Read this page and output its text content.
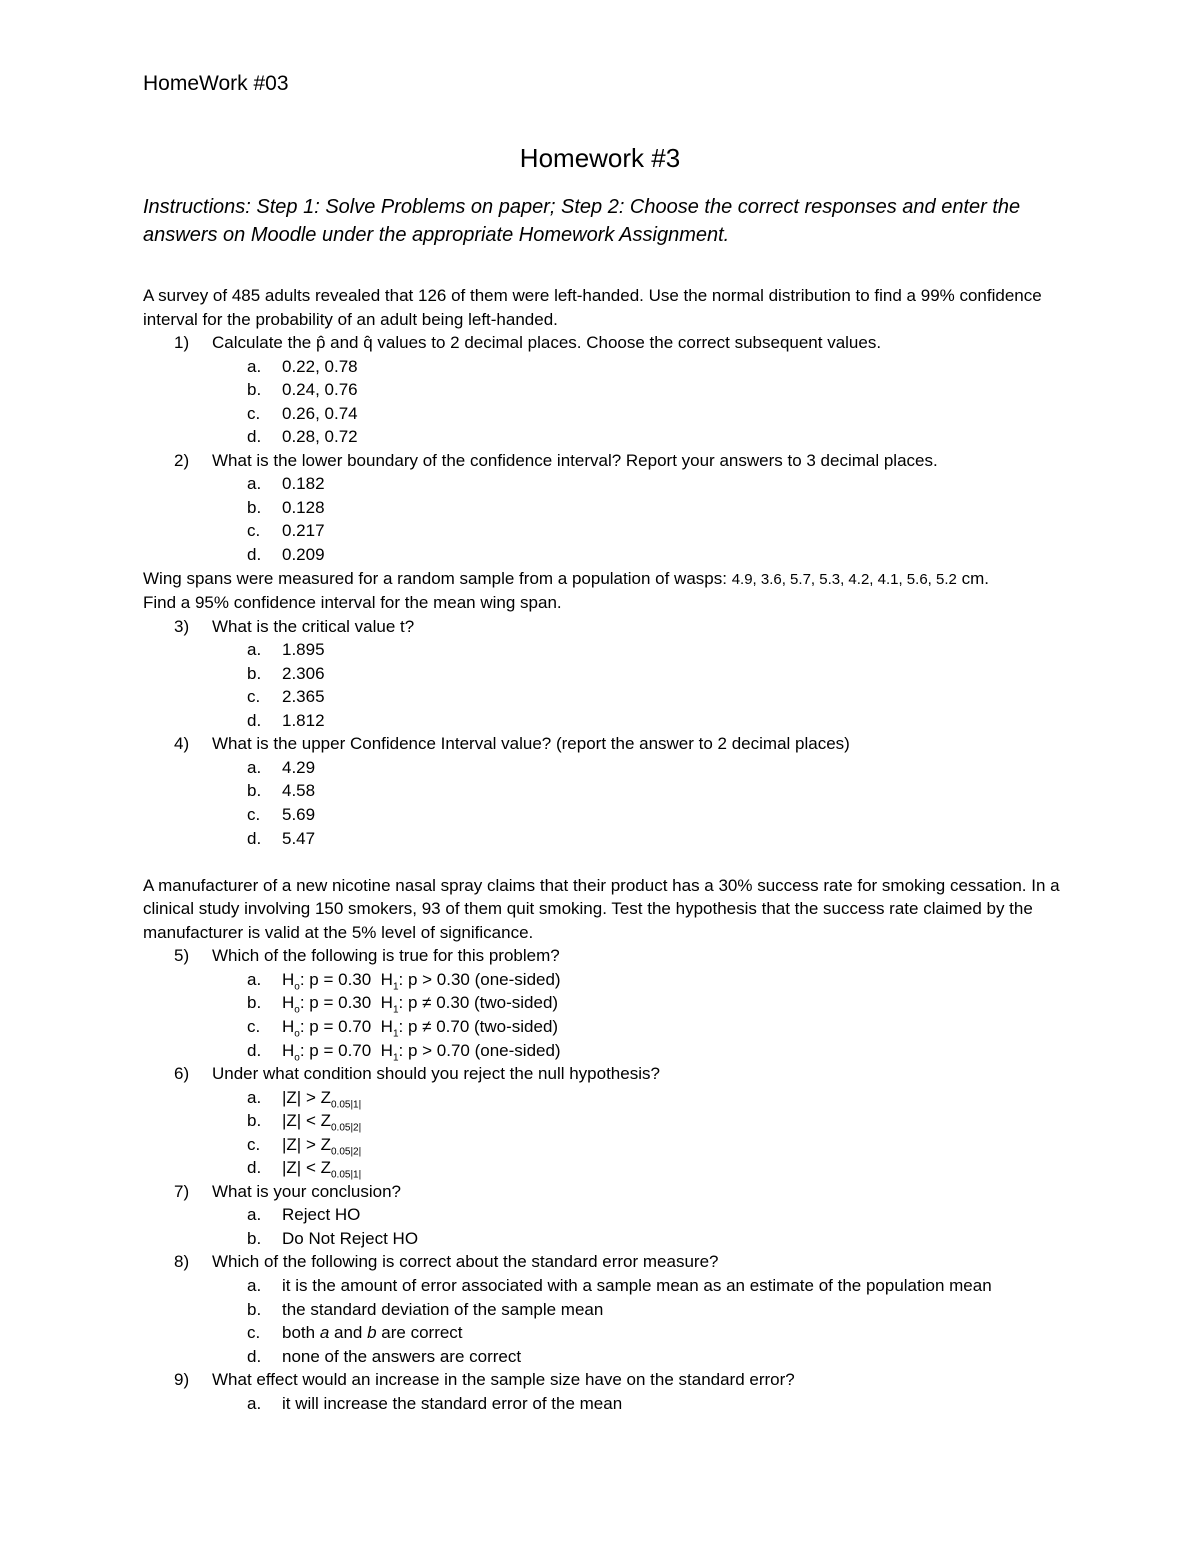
HomeWork #03
Homework #3
Instructions: Step 1: Solve Problems on paper; Step 2: Choose the correct responses and enter the answers on Moodle under the appropriate Homework Assignment.

A survey of 485 adults revealed that 126 of them were left-handed. Use the normal distribution to find a 99% confidence interval for the probability of an adult being left-handed.

1) Calculate the p̂ and q̂ values to 2 decimal places. Choose the correct subsequent values.
a. 0.22, 0.78
b. 0.24, 0.76
c. 0.26, 0.74
d. 0.28, 0.72
2) What is the lower boundary of the confidence interval? Report your answers to 3 decimal places.
a. 0.182
b. 0.128
c. 0.217
d. 0.209

Wing spans were measured for a random sample from a population of wasps: 4.9, 3.6, 5.7, 5.3, 4.2, 4.1, 5.6, 5.2 cm.

Find a 95% confidence interval for the mean wing span.

3) What is the critical value t?
a. 1.895
b. 2.306
c. 2.365
d. 1.812
4) What is the upper Confidence Interval value? (report the answer to 2 decimal places)
a. 4.29
b. 4.58
c. 5.69
d. 5.47

A manufacturer of a new nicotine nasal spray claims that their product has a 30% success rate for smoking cessation. In a clinical study involving 150 smokers, 93 of them quit smoking. Test the hypothesis that the success rate claimed by the manufacturer is valid at the 5% level of significance.

5) Which of the following is true for this problem?
a. $H_o$: p = 0.30 $H_1$: p > 0.30 (one-sided)
b. $H_o$: p = 0.30 $H_1$: p ≠ 0.30 (two-sided)
c. $H_o$: p = 0.70 $H_1$: p ≠ 0.70 (two-sided)
d. $H_o$: p = 0.70 $H_1$: p > 0.70 (one-sided)
6) Under what condition should you reject the null hypothesis?
a. $|Z| > Z_{0.05|1|}$
b. $|Z| < Z_{0.05|2|}$
c. $|Z| > Z_{0.05|2|}$
d. $|Z| < Z_{0.05|1|}$
7) What is your conclusion?
a. Reject HO
b. Do Not Reject HO
8) Which of the following is correct about the standard error measure?
a. it is the amount of error associated with a sample mean as an estimate of the population mean
b. the standard deviation of the sample mean
c. both a and b are correct
d. none of the answers are correct
9) What effect would an increase in the sample size have on the standard error?
a. it will increase the standard error of the mean
